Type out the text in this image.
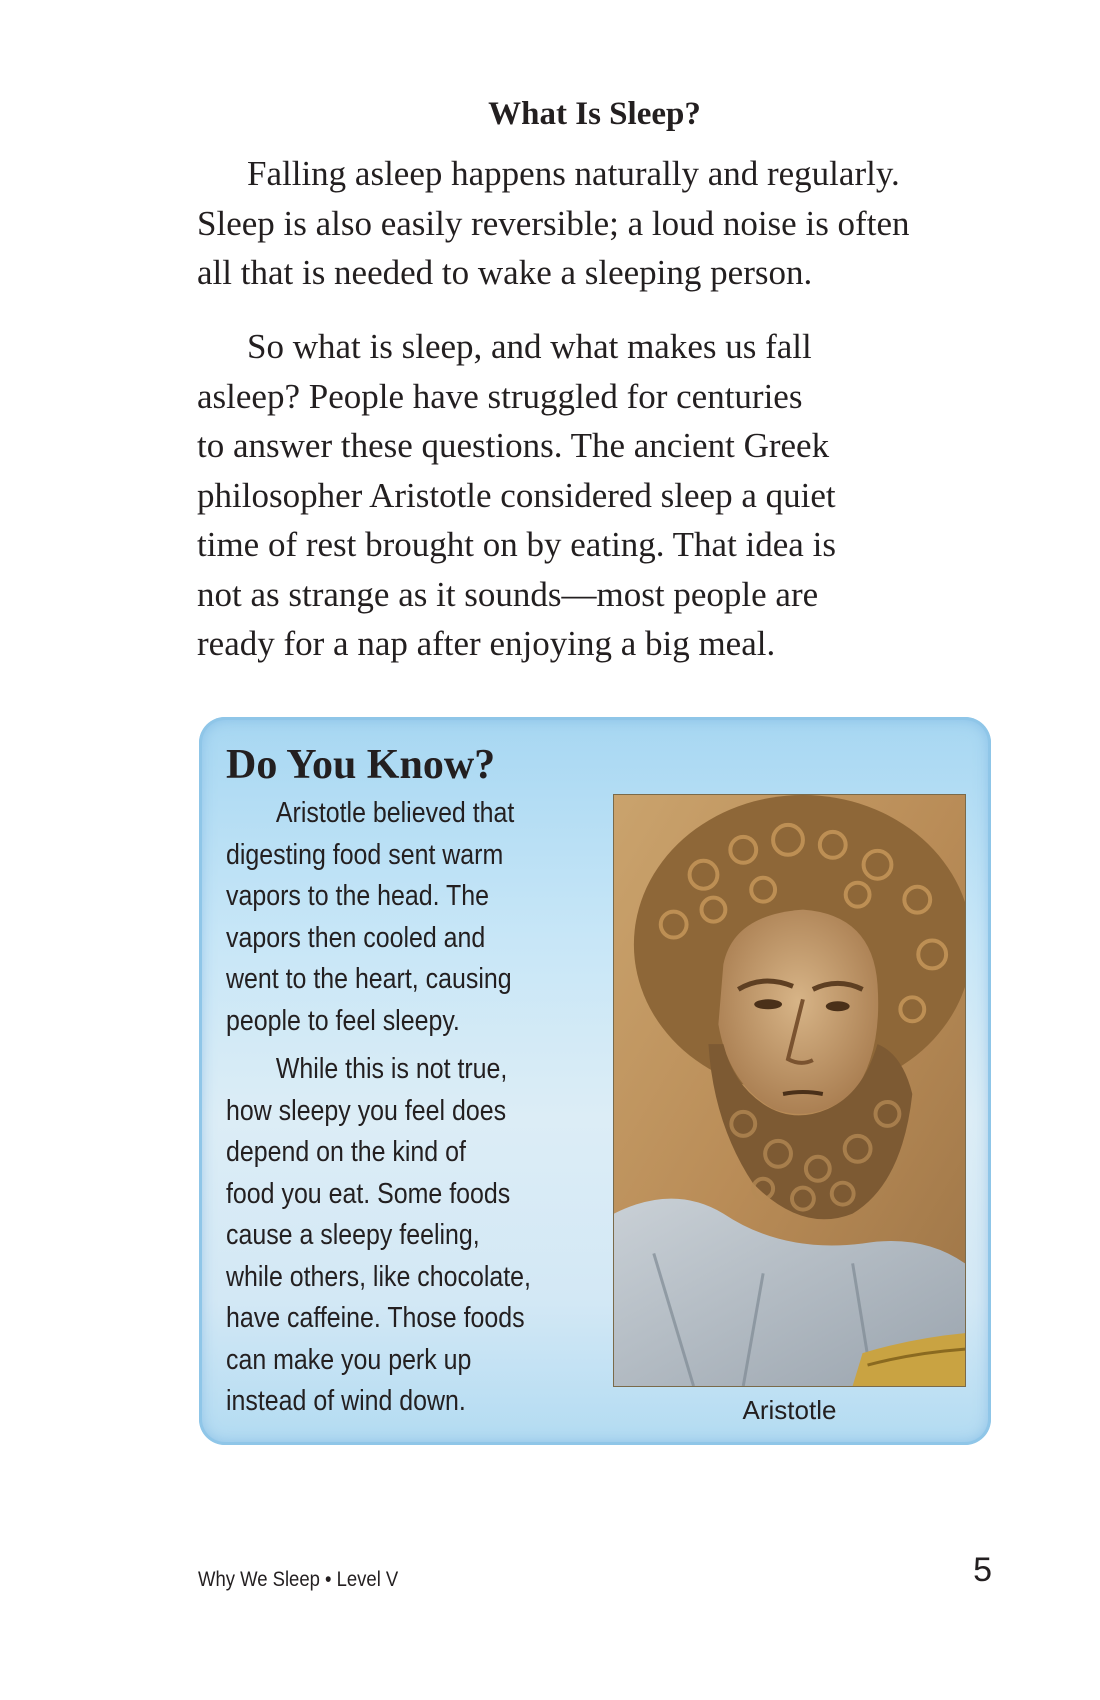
What Is Sleep?
Falling asleep happens naturally and regularly.
Sleep is also easily reversible; a loud noise is often
all that is needed to wake a sleeping person.
So what is sleep, and what makes us fall
asleep? People have struggled for centuries
to answer these questions. The ancient Greek
philosopher Aristotle considered sleep a quiet
time of rest brought on by eating. That idea is
not as strange as it sounds—most people are
ready for a nap after enjoying a big meal.
Do You Know?
Aristotle believed that
digesting food sent warm
vapors to the head. The
vapors then cooled and
went to the heart, causing
people to feel sleepy.
While this is not true,
how sleepy you feel does
depend on the kind of
food you eat. Some foods
cause a sleepy feeling,
while others, like chocolate,
have caffeine. Those foods
can make you perk up
instead of wind down.	Aristotle
Why We Sleep • Level V	5
